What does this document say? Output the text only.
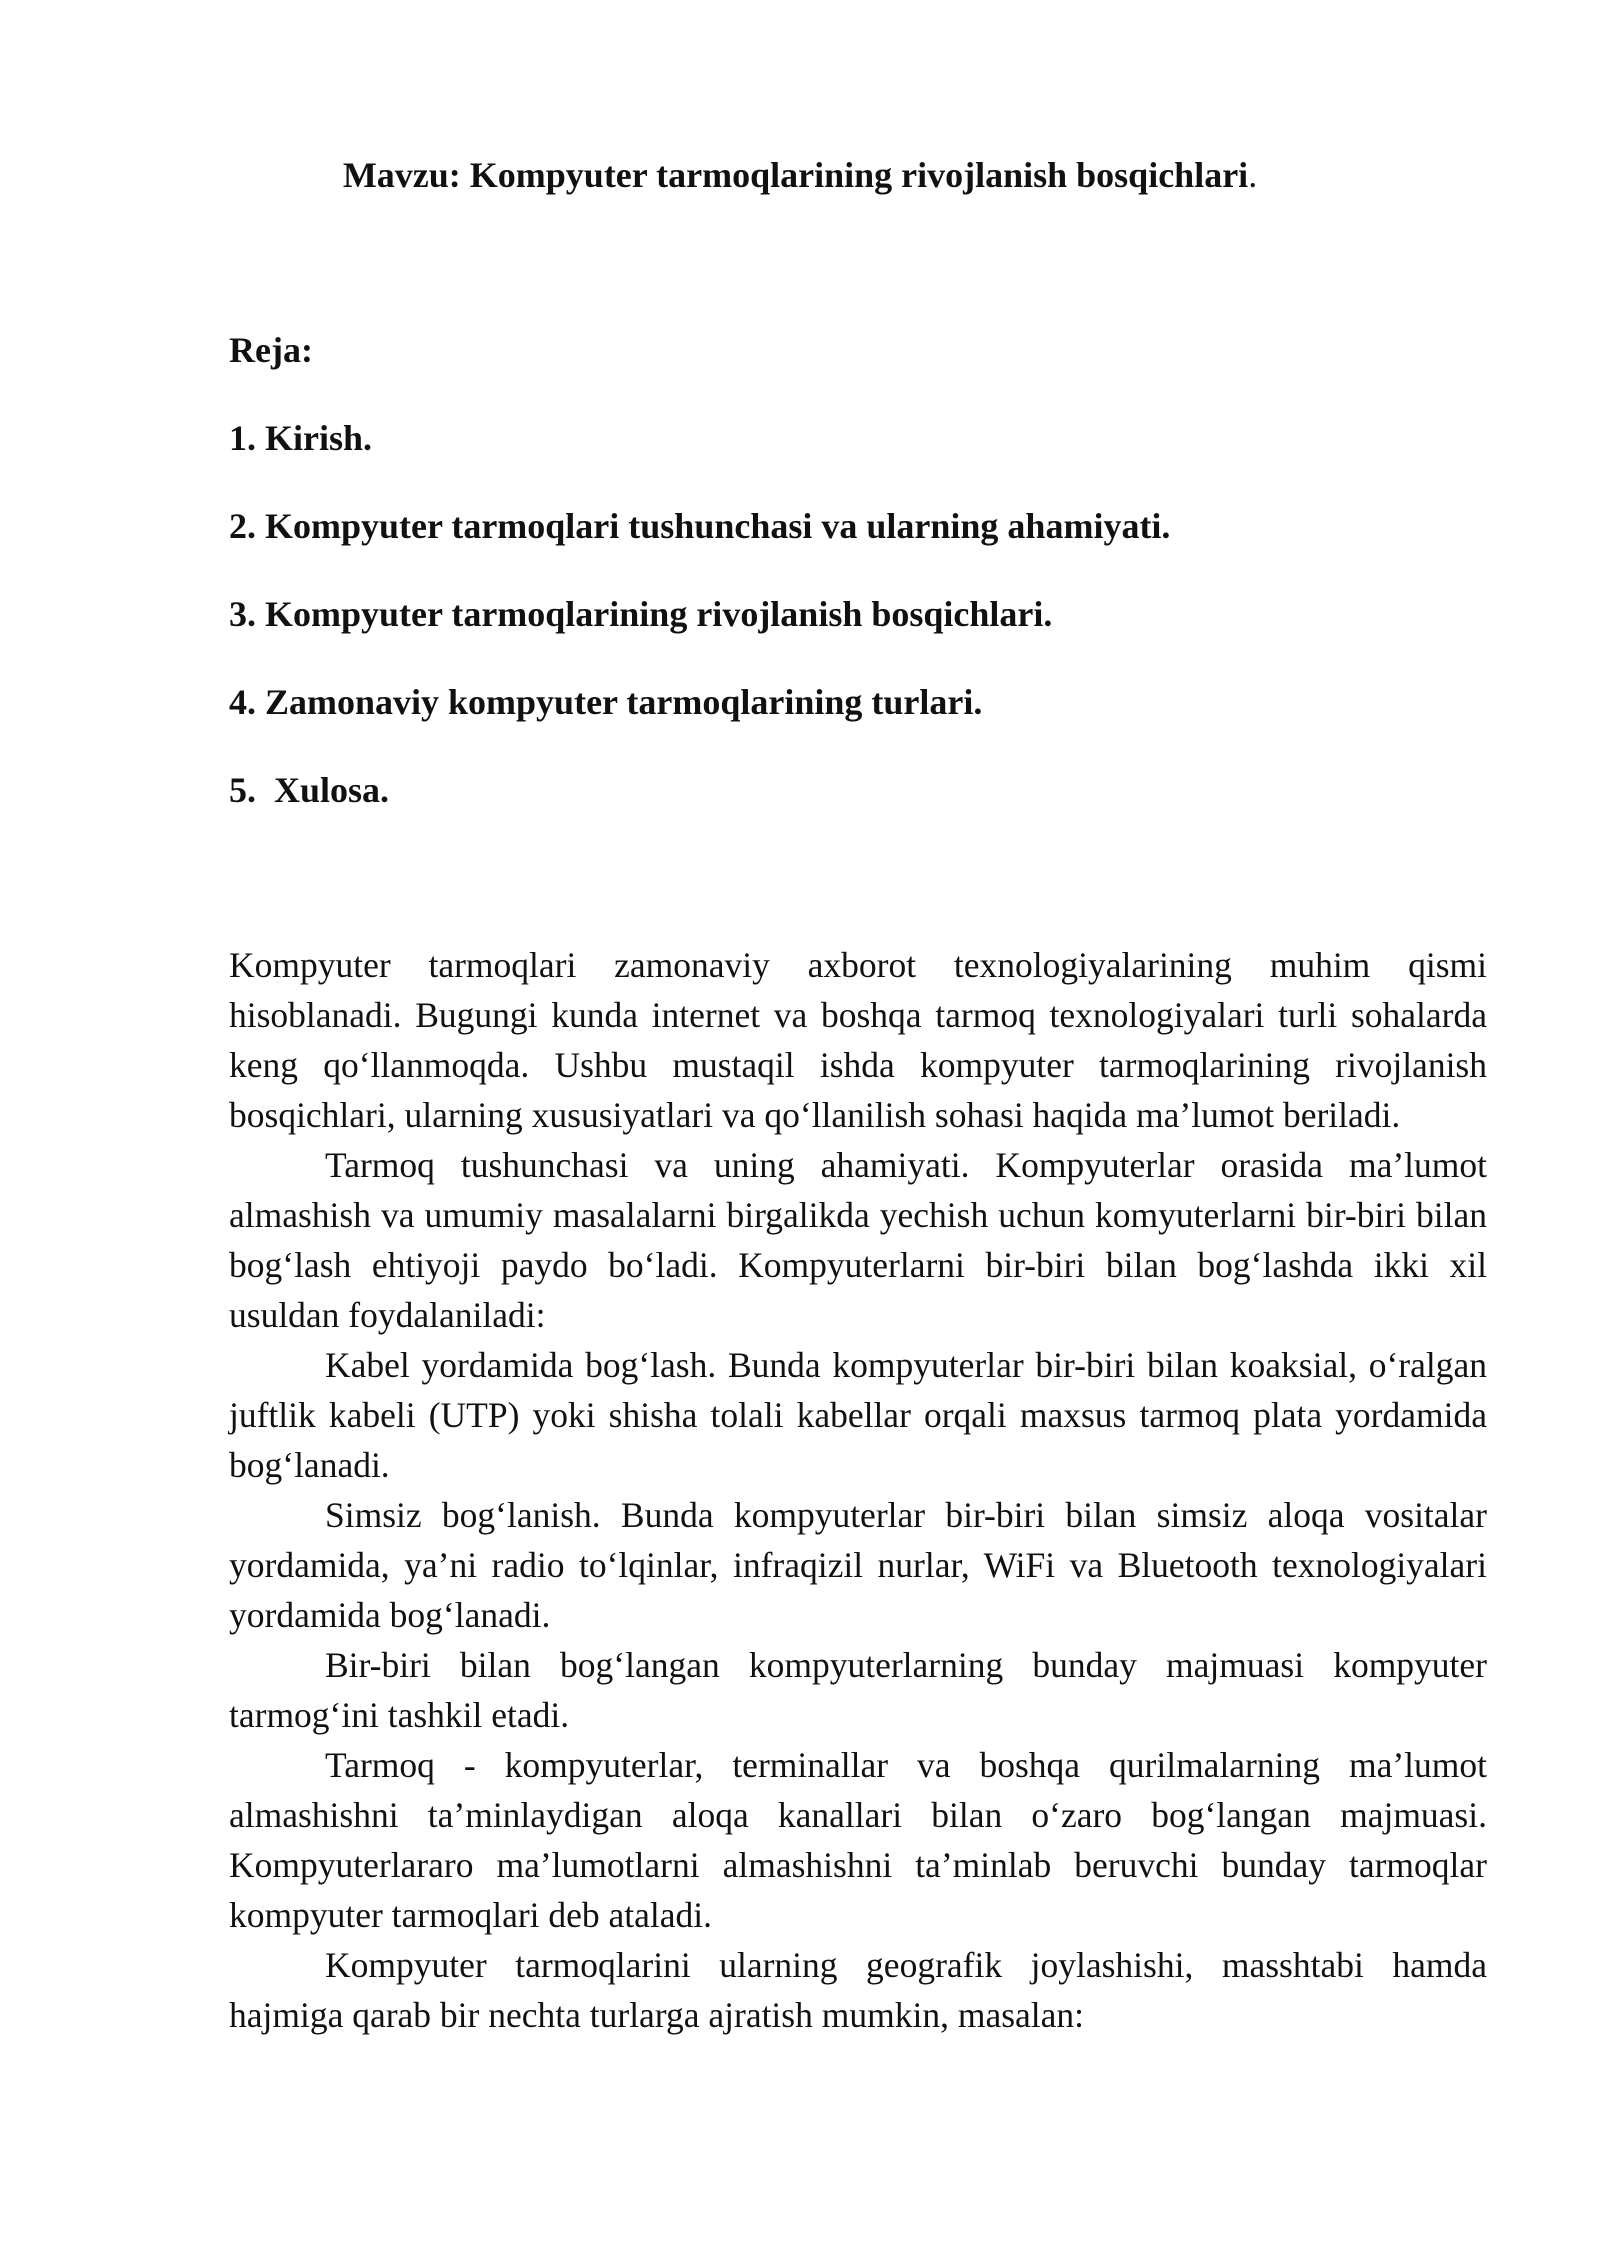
Mavzu: Kompyuter tarmoqlarining rivojlanish bosqichlari.

Reja:

1. Kirish.
2. Kompyuter tarmoqlari tushunchasi va ularning ahamiyati.
3. Kompyuter tarmoqlarining rivojlanish bosqichlari.
4. Zamonaviy kompyuter tarmoqlarining turlari.
5.  Xulosa.

Kompyuter tarmoqlari zamonaviy axborot texnologiyalarining muhim qismi hisoblanadi. Bugungi kunda internet va boshqa tarmoq texnologiyalari turli sohalarda keng qo‘llanmoqda. Ushbu mustaqil ishda kompyuter tarmoqlarining rivojlanish bosqichlari, ularning xususiyatlari va qo‘llanilish sohasi haqida ma’lumot beriladi.

Tarmoq tushunchasi va uning ahamiyati. Kompyuterlar orasida ma’lumot almashish va umumiy masalalarni birgalikda yechish uchun komyuterlarni bir-biri bilan bog‘lash ehtiyoji paydo bo‘ladi. Kompyuterlarni bir-biri bilan bog‘lashda ikki xil usuldan foydalaniladi:

Kabel yordamida bog‘lash. Bunda kompyuterlar bir-biri bilan koaksial, o‘ralgan juftlik kabeli (UTP) yoki shisha tolali kabellar orqali maxsus tarmoq plata yordamida bog‘lanadi.

Simsiz bog‘lanish. Bunda kompyuterlar bir-biri bilan simsiz aloqa vositalar yordamida, ya’ni radio to‘lqinlar, infraqizil nurlar, WiFi va Bluetooth texnologiyalari yordamida bog‘lanadi.

Bir-biri bilan bog‘langan kompyuterlarning bunday majmuasi kompyuter tarmog‘ini tashkil etadi.

Tarmoq - kompyuterlar, terminallar va boshqa qurilmalarning ma’lumot almashishni ta’minlaydigan aloqa kanallari bilan o‘zaro bog‘langan majmuasi. Kompyuterlararo ma’lumotlarni almashishni ta’minlab beruvchi bunday tarmoqlar kompyuter tarmoqlari deb ataladi.

Kompyuter tarmoqlarini ularning geografik joylashishi, masshtabi hamda hajmiga qarab bir nechta turlarga ajratish mumkin, masalan:
